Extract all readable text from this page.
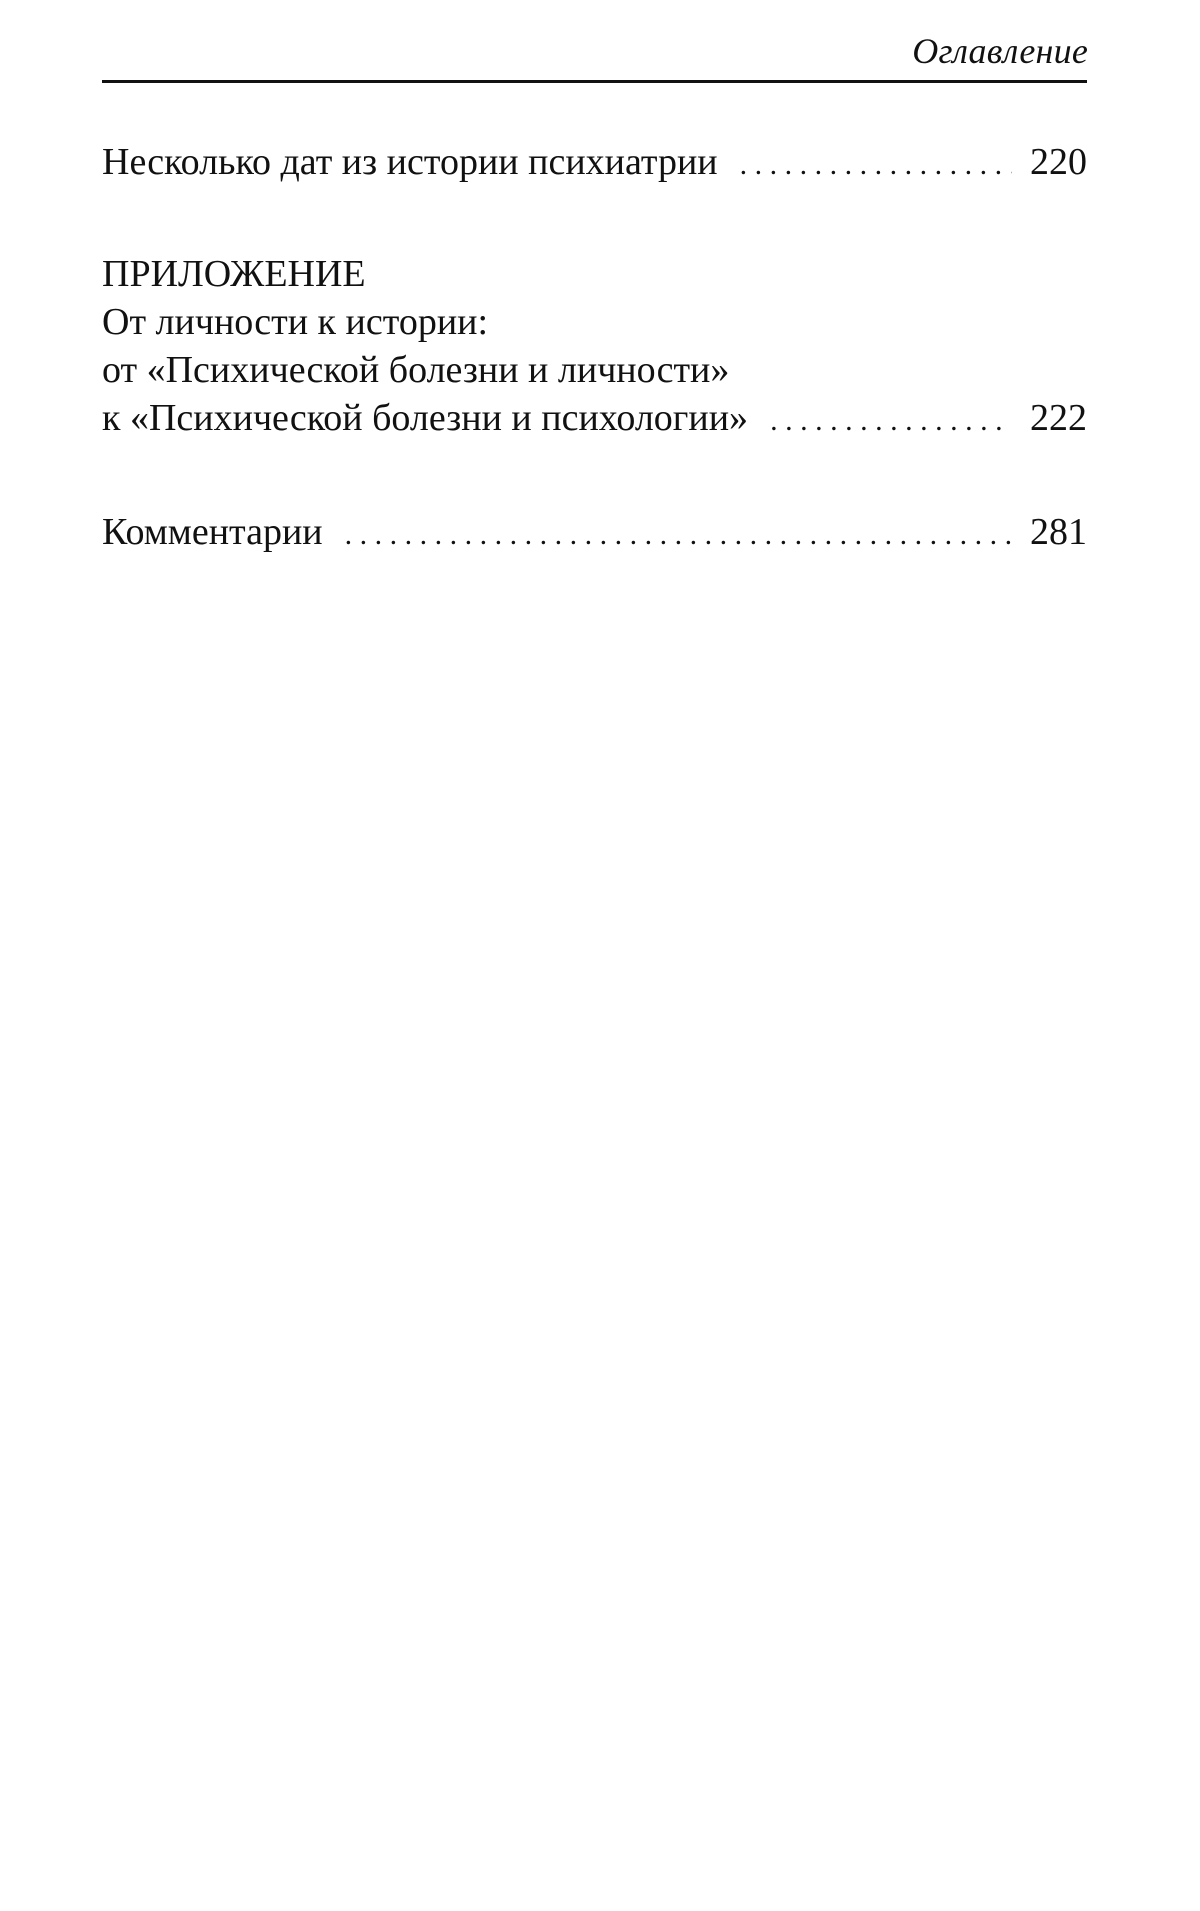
Оглавление
Несколько дат из истории психиатрии . . .	220
ПРИЛОЖЕНИЕ
От личности к истории:
от «Психической болезни и личности»
к «Психической болезни и психологии» . . .	222
Комментарии . . .	281
